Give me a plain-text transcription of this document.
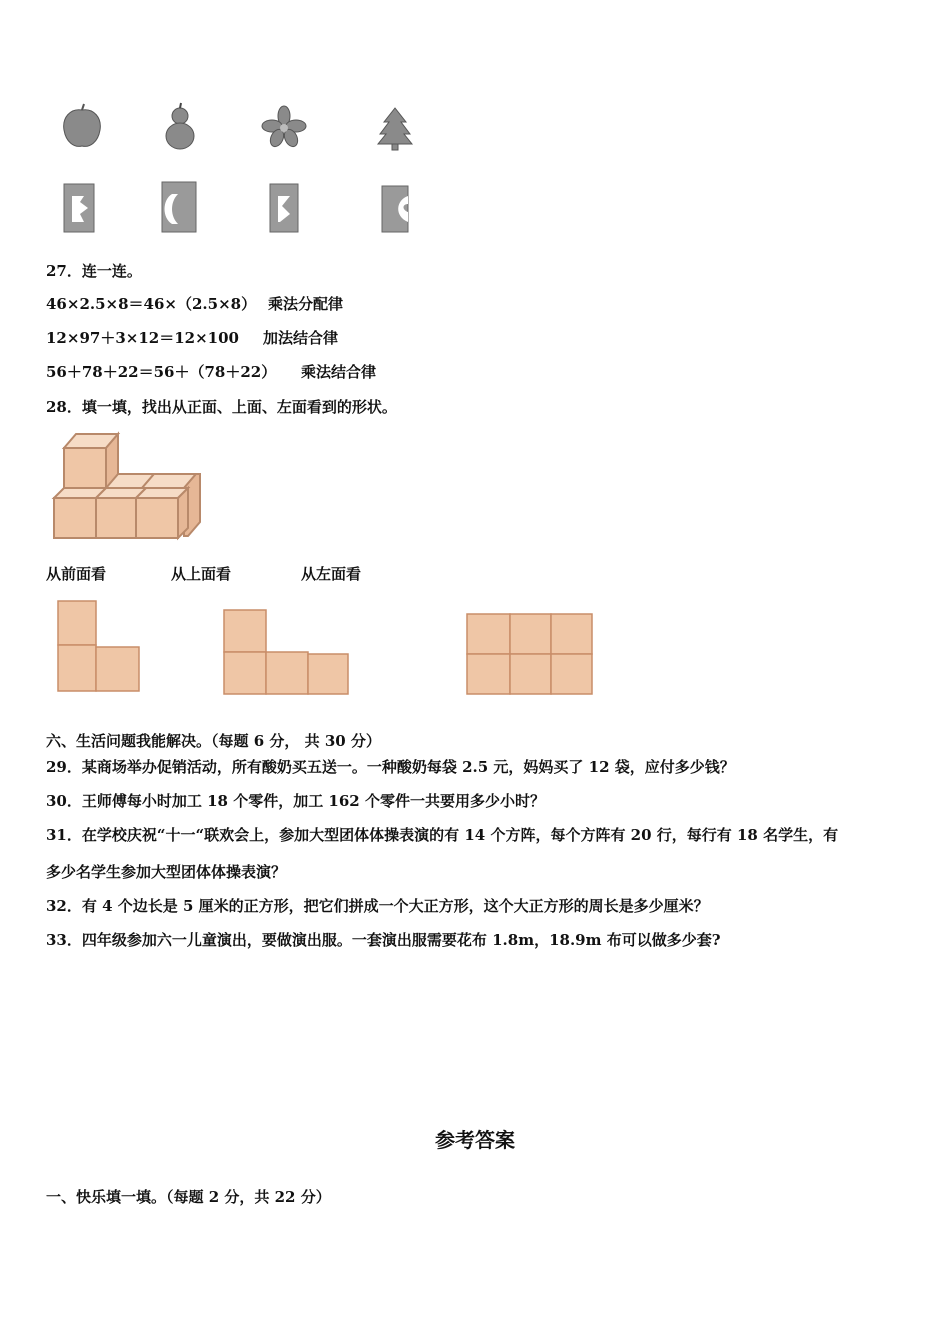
27．连一连。
46×2.5×8＝46×（2.5×8） 乘法分配律
12×97＋3×12＝12×100 加法结合律
56＋78＋22＝56＋（78＋22） 乘法结合律
28．填一填，找出从正面、上面、左面看到的形状。
从前面看	从上面看	从左面看
六、生活问题我能解决。（每题 6 分， 共 30 分）
29．某商场举办促销活动，所有酸奶买五送一。一种酸奶每袋 2.5 元，妈妈买了 12 袋，应付多少钱？
30．王师傅每小时加工 18 个零件，加工 162 个零件一共要用多少小时？
31．在学校庆祝“十一“联欢会上，参加大型团体体操表演的有 14 个方阵，每个方阵有 20 行，每行有 18 名学生，有
多少名学生参加大型团体体操表演？
32．有 4 个边长是 5 厘米的正方形，把它们拼成一个大正方形，这个大正方形的周长是多少厘米？
33．四年级参加六一儿童演出，要做演出服。一套演出服需要花布 1.8m，18.9m 布可以做多少套?
参考答案
一、快乐填一填。（每题 2 分，共 22 分）
